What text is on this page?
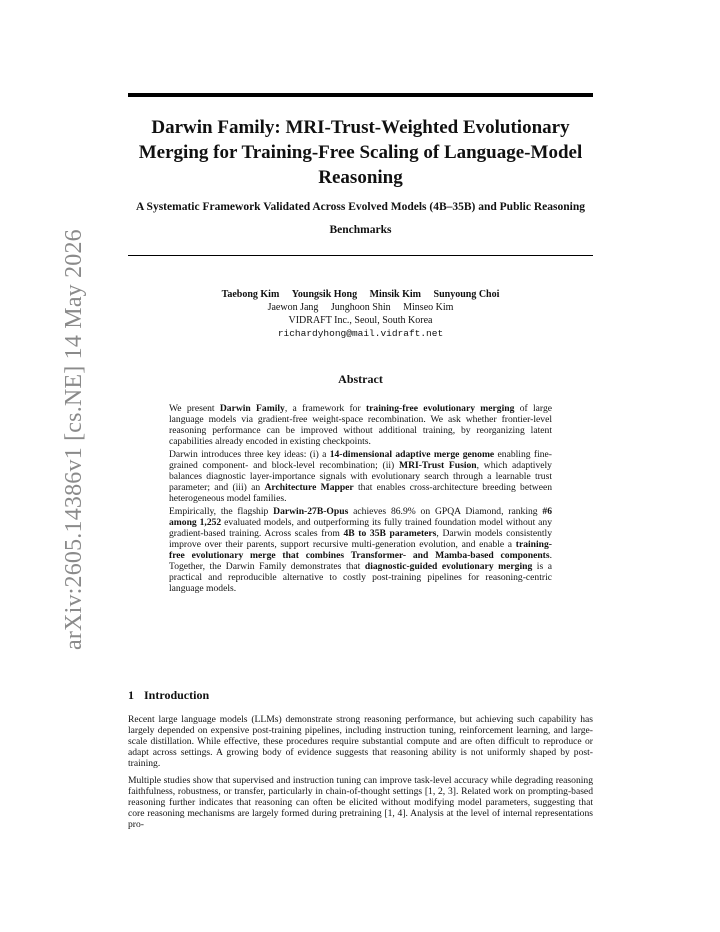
arXiv:2605.14386v1 [cs.NE] 14 May 2026
Darwin Family: MRI-Trust-Weighted Evolutionary Merging for Training-Free Scaling of Language-Model Reasoning
A Systematic Framework Validated Across Evolved Models (4B–35B) and Public Reasoning Benchmarks
Taebong Kim Youngsik Hong Minsik Kim Sunyoung Choi
Jaewon Jang Junghoon Shin Minseo Kim
VIDRAFT Inc., Seoul, South Korea
richardyhong@mail.vidraft.net
Abstract

We present Darwin Family, a framework for training-free evolutionary merging of large language models via gradient-free weight-space recombination. We ask whether frontier-level reasoning performance can be improved without additional training, by reorganizing latent capabilities already encoded in existing checkpoints.

Darwin introduces three key ideas: (i) a 14-dimensional adaptive merge genome enabling fine-grained component- and block-level recombination; (ii) MRI-Trust Fusion, which adaptively balances diagnostic layer-importance signals with evolutionary search through a learnable trust parameter; and (iii) an Architecture Mapper that enables cross-architecture breeding between heterogeneous model families.

Empirically, the flagship Darwin-27B-Opus achieves 86.9% on GPQA Diamond, ranking #6 among 1,252 evaluated models, and outperforming its fully trained foundation model without any gradient-based training. Across scales from 4B to 35B parameters, Darwin models consistently improve over their parents, support recursive multi-generation evolution, and enable a training-free evolutionary merge that combines Transformer- and Mamba-based components. Together, the Darwin Family demonstrates that diagnostic-guided evolutionary merging is a practical and reproducible alternative to costly post-training pipelines for reasoning-centric language models.

1 Introduction

Recent large language models (LLMs) demonstrate strong reasoning performance, but achieving such capability has largely depended on expensive post-training pipelines, including instruction tuning, reinforcement learning, and large-scale distillation. While effective, these procedures require substantial compute and are often difficult to reproduce or adapt across settings. A growing body of evidence suggests that reasoning ability is not uniformly shaped by post-training.

Multiple studies show that supervised and instruction tuning can improve task-level accuracy while degrading reasoning faithfulness, robustness, or transfer, particularly in chain-of-thought settings [1, 2, 3]. Related work on prompting-based reasoning further indicates that reasoning can often be elicited without modifying model parameters, suggesting that core reasoning mechanisms are largely formed during pretraining [1, 4]. Analysis at the level of internal representations pro-
